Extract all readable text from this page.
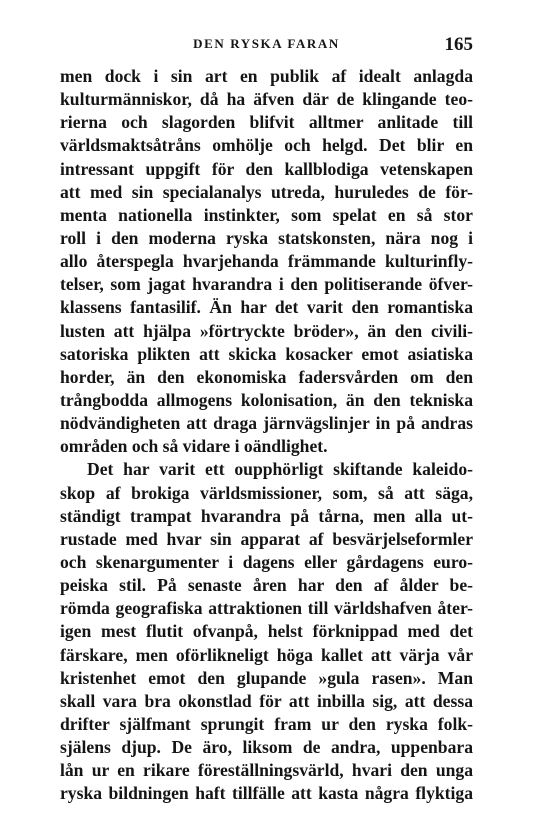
DEN RYSKA FARAN	165
men dock i sin art en publik af idealt anlagda
kulturmänniskor, då ha äfven där de klingande teo-
rierna och slagorden blifvit alltmer anlitade till
världsmaktsåtråns omhölje och helgd. Det blir en
intressant uppgift för den kallblodiga vetenskapen
att med sin specialanalys utreda, huruledes de för-
menta nationella instinkter, som spelat en så stor
roll i den moderna ryska statskonsten, nära nog i
allo återspegla hvarjehanda främmande kulturinfly-
telser, som jagat hvarandra i den politiserande öfver-
klassens fantasilif. Än har det varit den romantiska
lusten att hjälpa »förtryckte bröder», än den civili-
satoriska plikten att skicka kosacker emot asiatiska
horder, än den ekonomiska fadersvården om den
trångbodda allmogens kolonisation, än den tekniska
nödvändigheten att draga järnvägslinjer in på andras
områden och så vidare i oändlighet.
Det har varit ett oupphörligt skiftande kaleido-
skop af brokiga världsmissioner, som, så att säga,
ständigt trampat hvarandra på tårna, men alla ut-
rustade med hvar sin apparat af besvärjelseformler
och skenargumenter i dagens eller gårdagens euro-
peiska stil. På senaste åren har den af ålder be-
römda geografiska attraktionen till världshafven åter-
igen mest flutit ofvanpå, helst förknippad med det
färskare, men oförlikneligt höga kallet att värja vår
kristenhet emot den glupande »gula rasen». Man
skall vara bra okonstlad för att inbilla sig, att dessa
drifter själfmant sprungit fram ur den ryska folk-
själens djup. De äro, liksom de andra, uppenbara
lån ur en rikare föreställningsvärld, hvari den unga
ryska bildningen haft tillfälle att kasta några flyktiga
